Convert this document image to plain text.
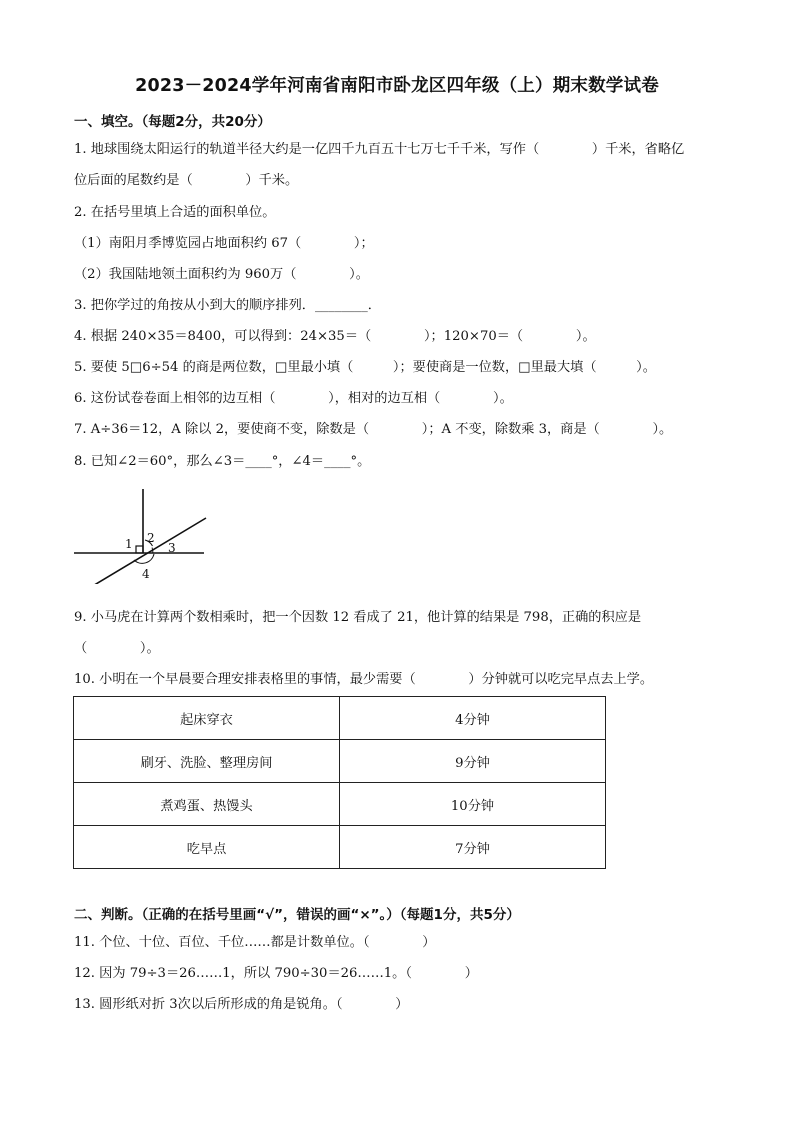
2023－2024学年河南省南阳市卧龙区四年级（上）期末数学试卷
一、填空。（每题2分，共20分）
1. 地球围绕太阳运行的轨道半径大约是一亿四千九百五十七万七千千米，写作（　　　　）千米，省略亿
位后面的尾数约是（　　　　）千米。
2. 在括号里填上合适的面积单位。
（1）南阳月季博览园占地面积约 67（　　　　）；
（2）我国陆地领土面积约为 960万（　　　　）。
3. 把你学过的角按从小到大的顺序排列．________．
4. 根据 240×35＝8400，可以得到：24×35＝（　　　　）；120×70＝（　　　　）。
5. 要使 5□6÷54 的商是两位数，□里最小填（　　　）；要使商是一位数，□里最大填（　　　）。
6. 这份试卷卷面上相邻的边互相（　　　　），相对的边互相（　　　　）。
7. A÷36＝12，A 除以 2，要使商不变，除数是（　　　　）；A 不变，除数乘 3，商是（　　　　）。
8. 已知∠2＝60°，那么∠3＝____°，∠4＝____°。
1 2
3
4
9. 小马虎在计算两个数相乘时，把一个因数 12 看成了 21，他计算的结果是 798，正确的积应是
（　　　　）。
10. 小明在一个早晨要合理安排表格里的事情，最少需要（　　　　）分钟就可以吃完早点去上学。
起床穿衣	4分钟
刷牙、洗脸、整理房间	9分钟
煮鸡蛋、热馒头	10分钟
吃早点	7分钟
二、判断。（正确的在括号里画“√”，错误的画“×”。）（每题1分，共5分）
11. 个位、十位、百位、千位……都是计数单位。（　　　　）
12. 因为 79÷3＝26……1，所以 790÷30＝26……1。（　　　　）
13. 圆形纸对折 3次以后所形成的角是锐角。（　　　　）
